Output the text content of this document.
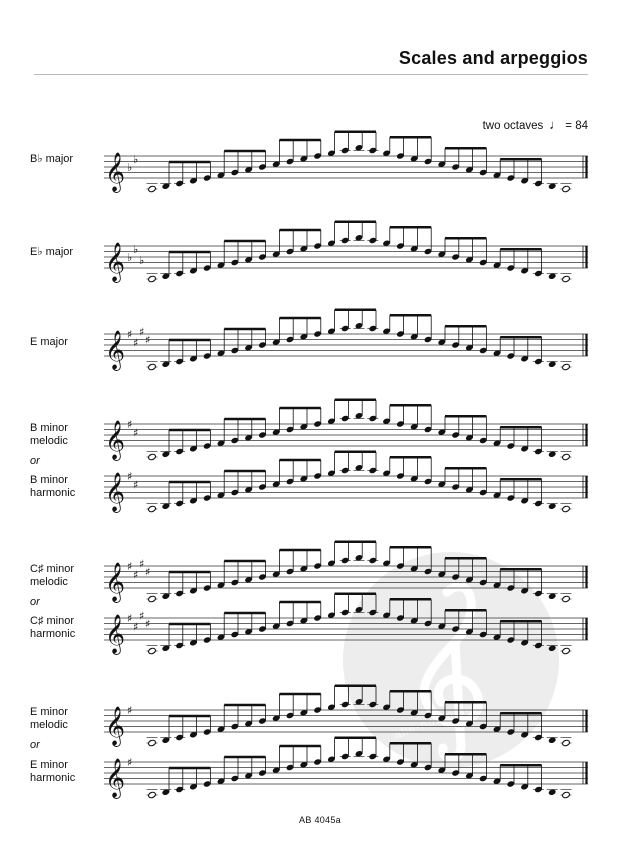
Scales and arpeggios
two octaves ♩ = 84
B♭ major
E♭ major
E major
B minor
melodic
or
B minor
harmonic
C♯ minor
melodic
or
C♯ minor
harmonic
E minor
melodic
or
E minor
harmonic
𝄞 ♭
♭
𝄞 ♭
♭
♭
𝄞 ♯
♯
♯
♯
𝄞 ♯
♯
𝄞 ♯
♯
𝄞 ♯
♯
♯
♯
𝄞 ♯
♯
♯
♯
𝄞 ♯
𝄞 ♯
AB 4045a
